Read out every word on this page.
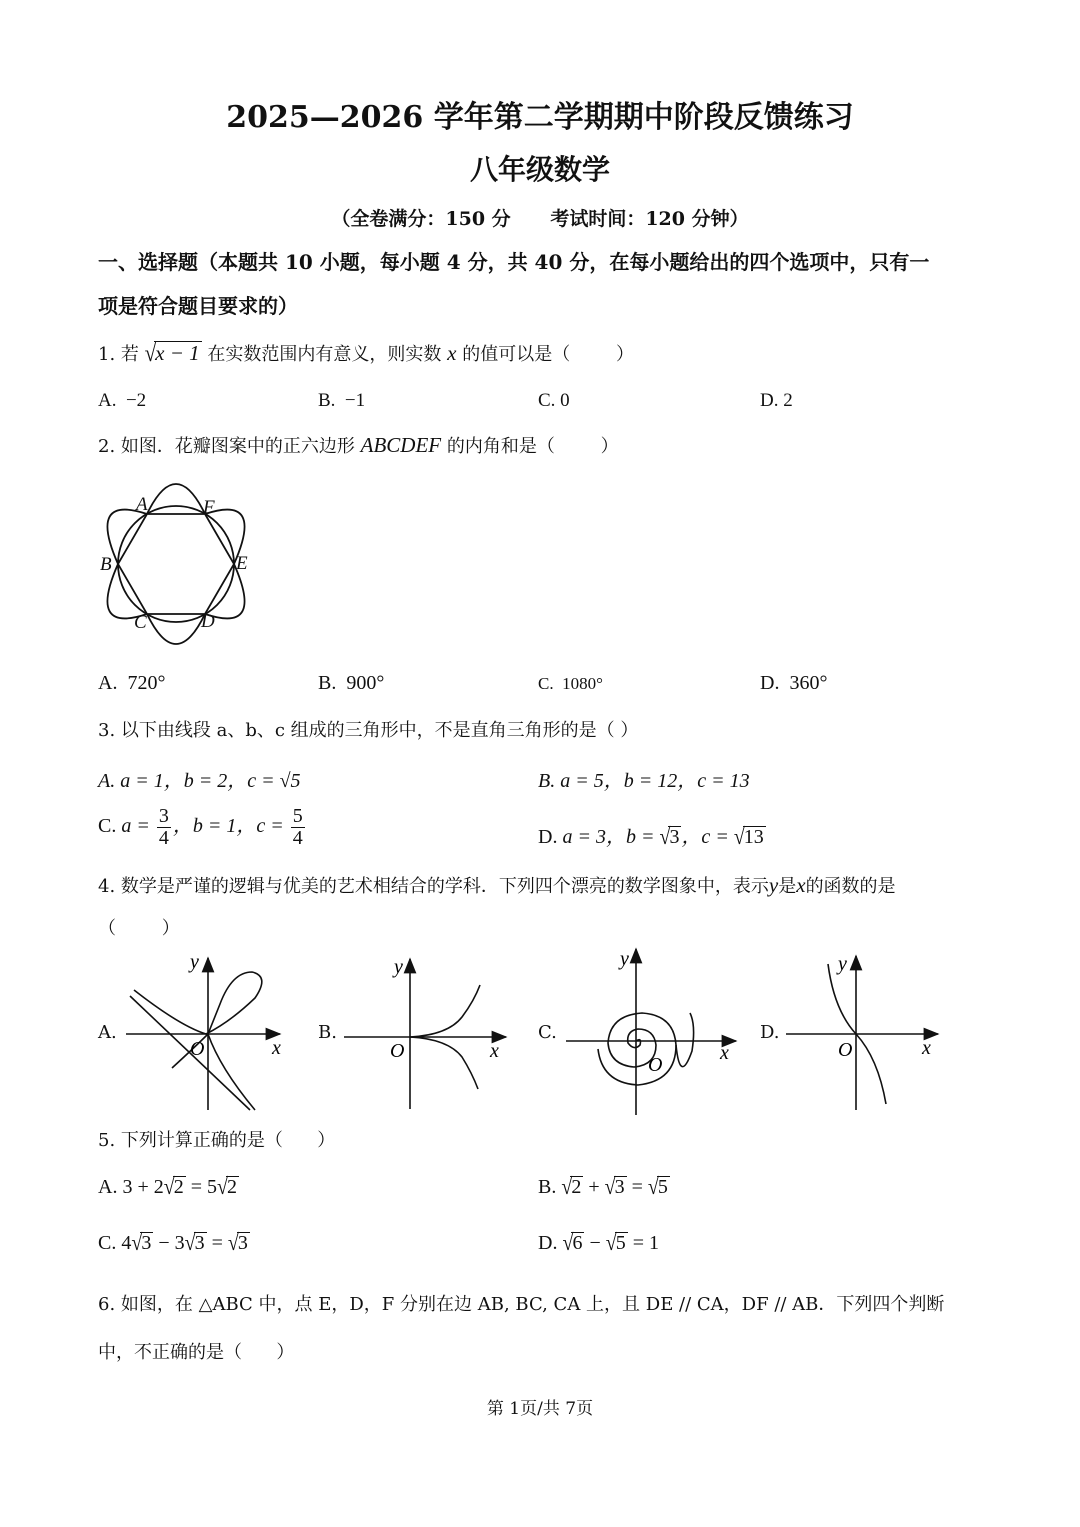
2025—2026 学年第二学期期中阶段反馈练习
八年级数学
（全卷满分：150 分      考试时间：120 分钟）
一、选择题（本题共 10 小题，每小题 4 分，共 40 分，在每小题给出的四个选项中，只有一
项是符合题目要求的）
1. 若 √x − 1 在实数范围内有意义，则实数 x 的值可以是（        ）
A.  −2	B.  −1	C. 0	D. 2
2. 如图．花瓣图案中的正六边形 ABCDEF 的内角和是（        ）
A	F
B	E
C	D
A.  720°	B.  900°	C.  1080°	D.  360°
3. 以下由线段 a、b、c 组成的三角形中，不是直角三角形的是（ ）
A. a = 1，b = 2，c = √5	B. a = 5，b = 12，c = 13
C. $a = \frac{3}{4}$ ，b = 1，$c = \frac{5}{4}$	D. a = 3，b = √3 ，c = √13
4. 数学是严谨的逻辑与优美的艺术相结合的学科．下列四个漂亮的数学图象中，表示y是x的函数的是
（        ）
A.
y
x
O
B.
y
x
O
C.
y
x
O
D.
y
x
O
5. 下列计算正确的是（      ）
A. 3 + 2√2 = 5√2	B. √2 + √3 = √5
C. 4√3 − 3√3 = √3	D. √6 − √5 = 1
6. 如图，在 △ABC 中，点 E，D，F 分别在边 AB, BC, CA 上，且 DE // CA，DF // AB．下列四个判断
中，不正确的是（      ）
第 1页/共 7页
